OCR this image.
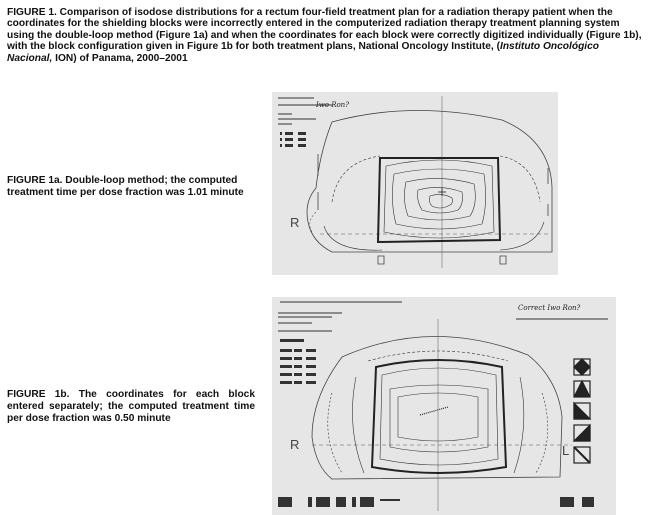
FIGURE 1. Comparison of isodose distributions for a rectum four-field treatment plan for a radiation therapy patient when the coordinates for the shielding blocks were incorrectly entered in the computerized radiation therapy treatment planning system using the double-loop method (Figure 1a) and when the coordinates for each block were correctly digitized individually (Figure 1b), with the block configuration given in Figure 1b for both treatment plans, National Oncology Institute, (Instituto Oncológico Nacional, ION) of Panama, 2000–2001
FIGURE 1a. Double-loop method; the computed treatment time per dose fraction was 1.01 minute
FIGURE 1b. The coordinates for each block entered separately; the computed treatment time per dose fraction was 0.50 minute
Iwo Ron?
R
Correct Iwo Ron?
R	L
